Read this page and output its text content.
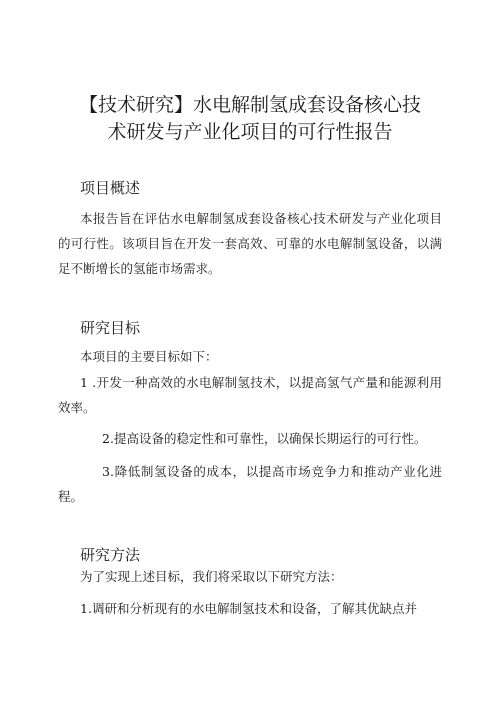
【技术研究】水电解制氢成套设备核心技
术研发与产业化项目的可行性报告
项目概述

本报告旨在评估水电解制氢成套设备核心技术研发与产业化项目的可行性。该项目旨在开发一套高效、可靠的水电解制氢设备，以满足不断增长的氢能市场需求。

研究目标

本项目的主要目标如下：

1 .开发一种高效的水电解制氢技术，以提高氢气产量和能源利用效率。

2.提高设备的稳定性和可靠性，以确保长期运行的可行性。

3.降低制氢设备的成本，以提高市场竞争力和推动产业化进程。

研究方法

为了实现上述目标，我们将采取以下研究方法：

1.调研和分析现有的水电解制氢技术和设备，了解其优缺点并
